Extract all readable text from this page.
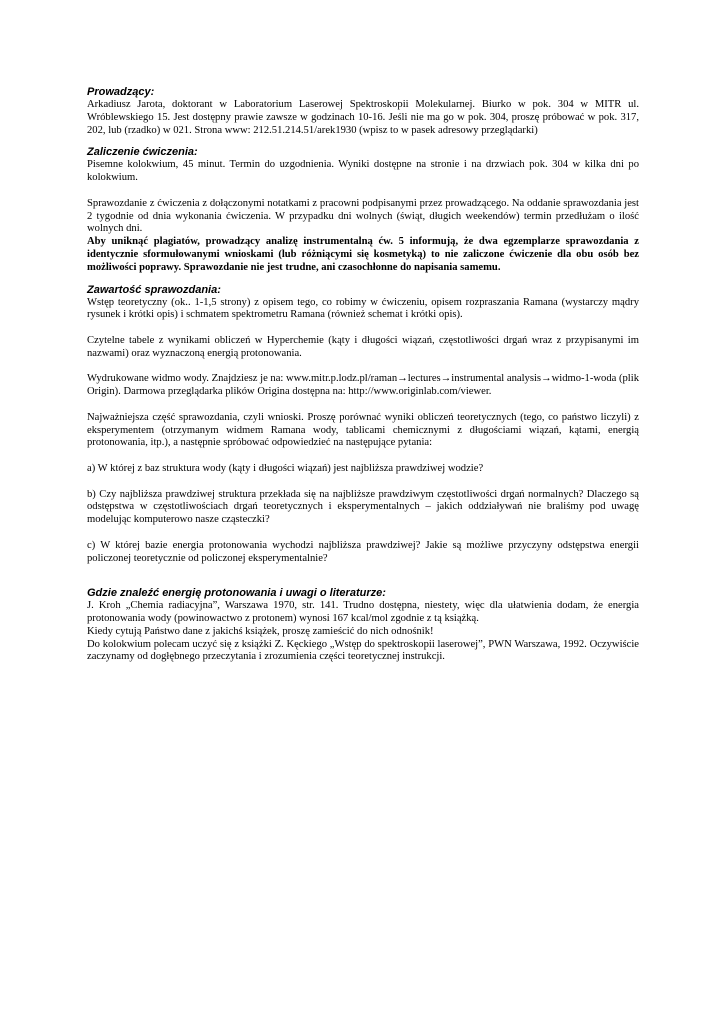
Prowadzący:

Arkadiusz Jarota, doktorant w Laboratorium Laserowej Spektroskopii Molekularnej. Biurko w pok. 304 w MITR ul. Wróblewskiego 15. Jest dostępny prawie zawsze w godzinach 10-16. Jeśli nie ma go w pok. 304, proszę próbować w pok. 317, 202, lub (rzadko) w 021. Strona www: 212.51.214.51/arek1930 (wpisz to w pasek adresowy przeglądarki)

Zaliczenie ćwiczenia:

Pisemne kolokwium, 45 minut. Termin do uzgodnienia. Wyniki dostępne na stronie i na drzwiach pok. 304 w kilka dni po kolokwium.

Sprawozdanie z ćwiczenia z dołączonymi notatkami z pracowni podpisanymi przez prowadzącego. Na oddanie sprawozdania jest 2 tygodnie od dnia wykonania ćwiczenia. W przypadku dni wolnych (świąt, długich weekendów) termin przedłużam o ilość wolnych dni.

Aby uniknąć plagiatów, prowadzący analizę instrumentalną ćw. 5 informują, że dwa egzemplarze sprawozdania z identycznie sformułowanymi wnioskami (lub różniącymi się kosmetyką) to nie zaliczone ćwiczenie dla obu osób bez możliwości poprawy. Sprawozdanie nie jest trudne, ani czasochłonne do napisania samemu.

Zawartość sprawozdania:

Wstęp teoretyczny (ok.. 1-1,5 strony) z opisem tego, co robimy w ćwiczeniu, opisem rozpraszania Ramana (wystarczy mądry rysunek i krótki opis) i schmatem spektrometru Ramana (również schemat i krótki opis).

Czytelne tabele z wynikami obliczeń w Hyperchemie (kąty i długości wiązań, częstotliwości drgań wraz z przypisanymi im nazwami) oraz wyznaczoną energią protonowania.

Wydrukowane widmo wody. Znajdziesz je na: www.mitr.p.lodz.pl/raman→lectures→instrumental analysis→widmo-1-woda (plik Origin). Darmowa przeglądarka plików Origina dostępna na: http://www.originlab.com/viewer.

Najważniejsza część sprawozdania, czyli wnioski. Proszę porównać wyniki obliczeń teoretycznych (tego, co państwo liczyli) z eksperymentem (otrzymanym widmem Ramana wody, tablicami chemicznymi z długościami wiązań, kątami, energią protonowania, itp.), a następnie spróbować odpowiedzieć na następujące pytania:

a) W której z baz struktura wody (kąty i długości wiązań) jest najbliższa prawdziwej wodzie?

b) Czy najbliższa prawdziwej struktura przekłada się na najbliższe prawdziwym częstotliwości drgań normalnych? Dlaczego są odstępstwa w częstotliwościach drgań teoretycznych i eksperymentalnych – jakich oddziaływań nie braliśmy pod uwagę modelując komputerowo nasze cząsteczki?

c) W której bazie energia protonowania wychodzi najbliższa prawdziwej? Jakie są możliwe przyczyny odstępstwa energii policzonej teoretycznie od policzonej eksperymentalnie?

Gdzie znaleźć energię protonowania i uwagi o literaturze:

J. Kroh „Chemia radiacyjna”, Warszawa 1970, str. 141. Trudno dostępna, niestety, więc dla ułatwienia dodam, że energia protonowania wody (powinowactwo z protonem) wynosi 167 kcal/mol zgodnie z tą książką.

Kiedy cytują Państwo dane z jakichś książek, proszę zamieścić do nich odnośnik!

Do kolokwium polecam uczyć się z książki Z. Kęckiego „Wstęp do spektroskopii laserowej”, PWN Warszawa, 1992. Oczywiście zaczynamy od dogłębnego przeczytania i zrozumienia części teoretycznej instrukcji.
